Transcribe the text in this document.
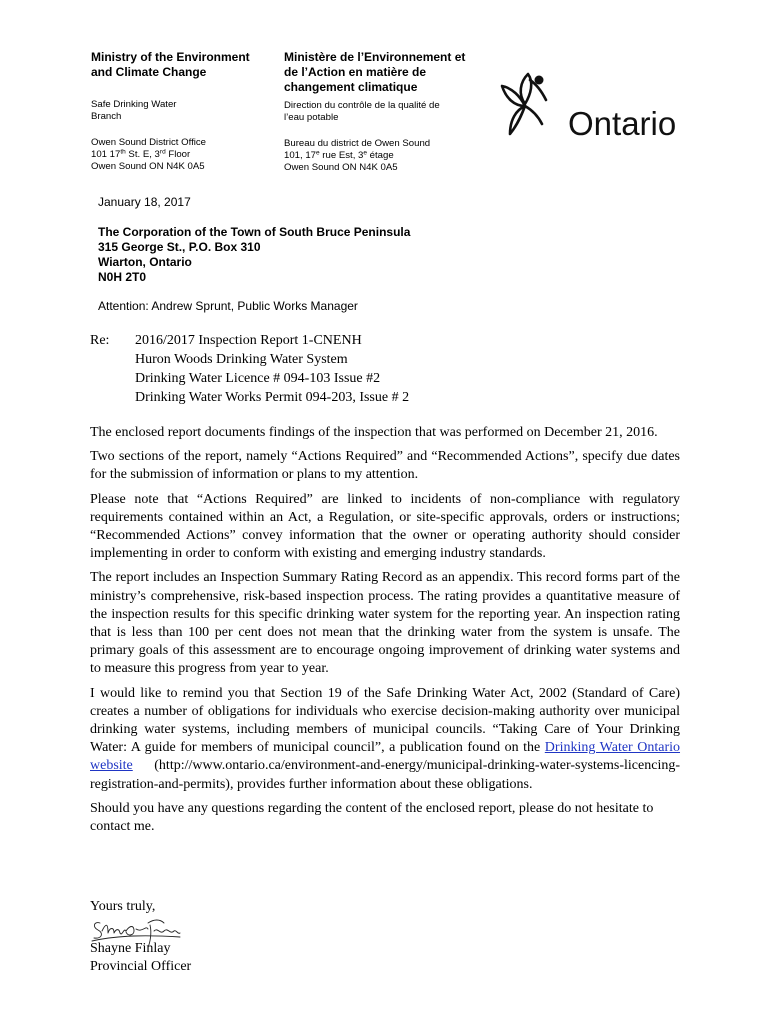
Ministry of the Environment
and Climate Change
Safe Drinking Water
Branch
Owen Sound District Office
101 17th St. E, 3rd Floor
Owen Sound ON N4K 0A5
Ministère de l’Environnement et
de l’Action en matière de
changement climatique
Direction du contrôle de la qualité de
l’eau potable
Bureau du district de Owen Sound
101, 17e rue Est, 3e étage
Owen Sound ON N4K 0A5
Ontario
January 18, 2017
The Corporation of the Town of South Bruce Peninsula
315 George St., P.O. Box 310
Wiarton, Ontario
N0H 2T0
Attention: Andrew Sprunt, Public Works Manager
Re: 2016/2017 Inspection Report 1-CNENH
Huron Woods Drinking Water System
Drinking Water Licence # 094-103 Issue #2
Drinking Water Works Permit 094-203, Issue # 2

The enclosed report documents findings of the inspection that was performed on December 21, 2016.

Two sections of the report, namely “Actions Required” and “Recommended Actions”, specify due dates for the submission of information or plans to my attention.

Please note that “Actions Required” are linked to incidents of non-compliance with regulatory requirements contained within an Act, a Regulation, or site-specific approvals, orders or instructions; “Recommended Actions” convey information that the owner or operating authority should consider implementing in order to conform with existing and emerging industry standards.

The report includes an Inspection Summary Rating Record as an appendix. This record forms part of the ministry’s comprehensive, risk-based inspection process. The rating provides a quantitative measure of the inspection results for this specific drinking water system for the reporting year. An inspection rating that is less than 100 per cent does not mean that the drinking water from the system is unsafe. The primary goals of this assessment are to encourage ongoing improvement of drinking water systems and to measure this progress from year to year.

I would like to remind you that Section 19 of the Safe Drinking Water Act, 2002 (Standard of Care) creates a number of obligations for individuals who exercise decision-making authority over municipal drinking water systems, including members of municipal councils. “Taking Care of Your Drinking Water: A guide for members of municipal council”, a publication found on the Drinking Water Ontario website (http://www.ontario.ca/environment-and-energy/municipal-drinking-water-systems-licencing-registration-and-permits), provides further information about these obligations.

Should you have any questions regarding the content of the enclosed report, please do not hesitate to contact me.

Yours truly,
Shayne Finlay
Provincial Officer
